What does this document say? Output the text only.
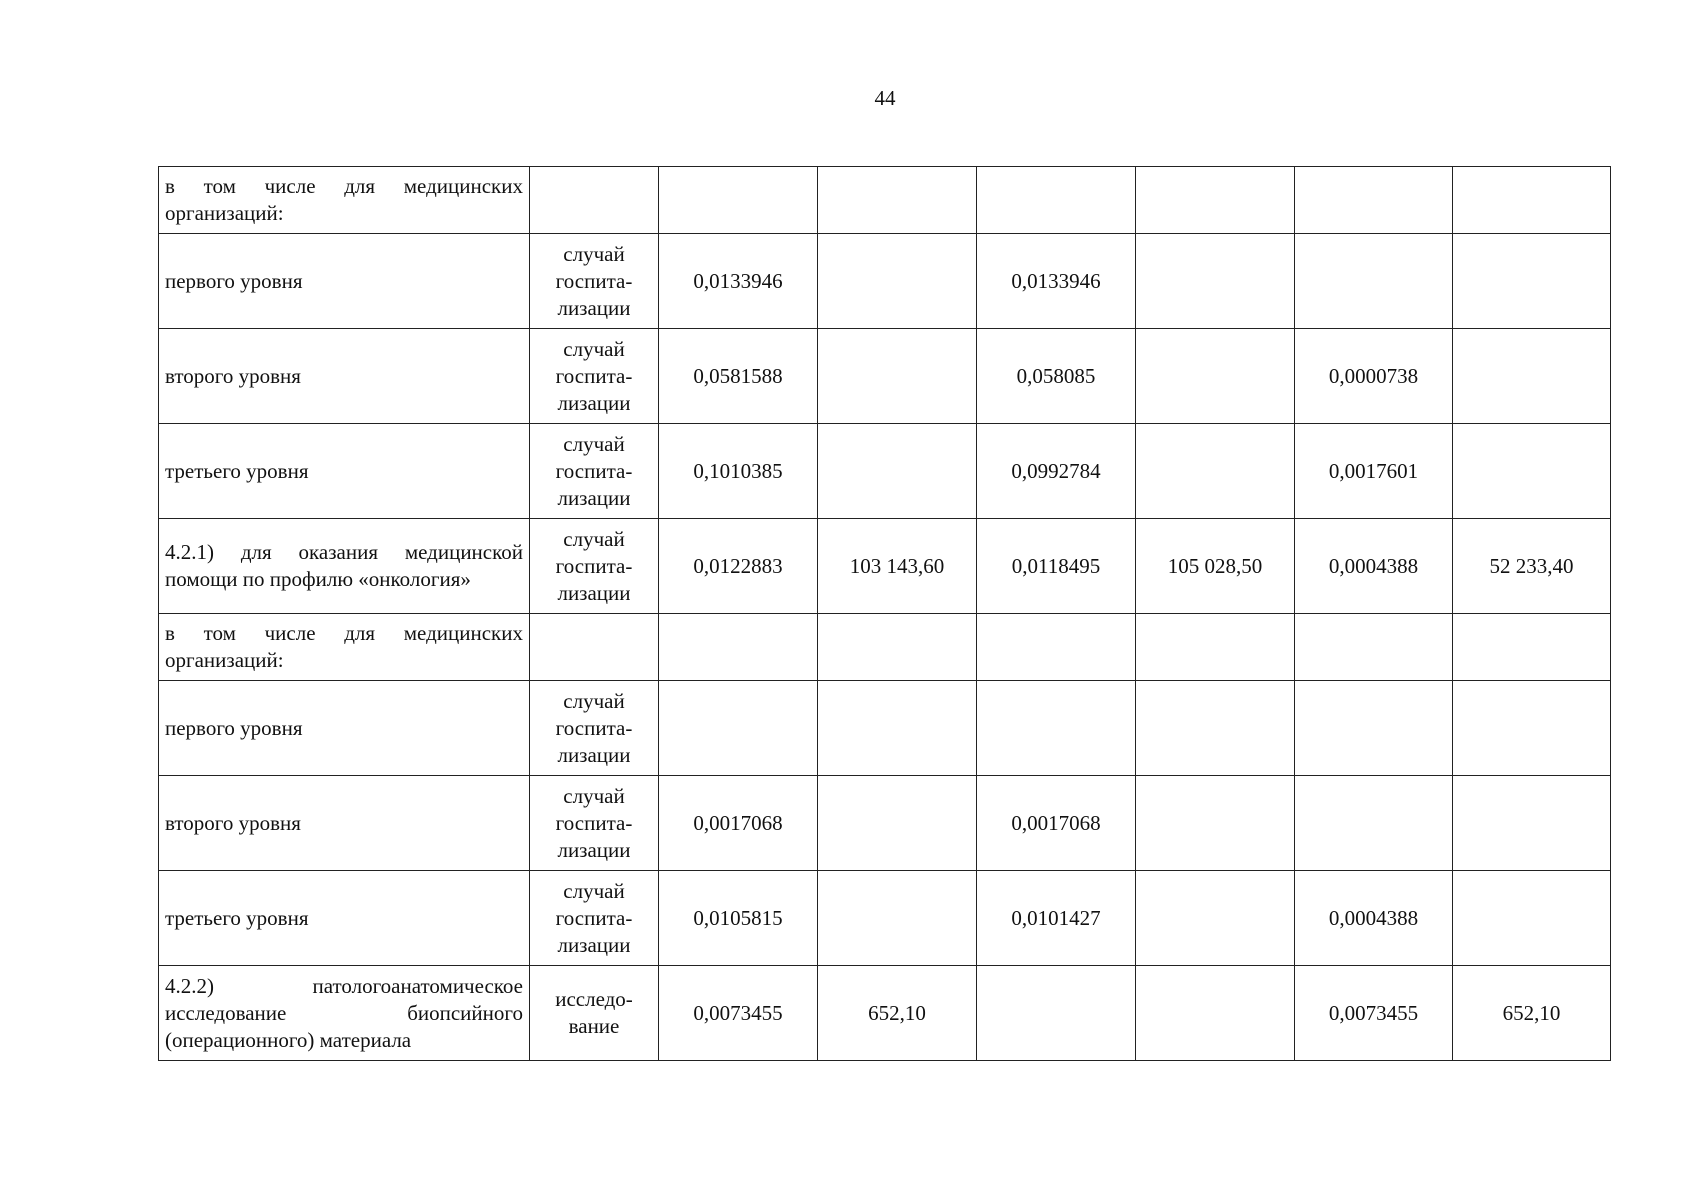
44
в том числе для медицинских организаций:							
первого уровня	случай
госпита-
лизации	0,0133946		0,0133946			
второго уровня	случай
госпита-
лизации	0,0581588		0,058085		0,0000738	
третьего уровня	случай
госпита-
лизации	0,1010385		0,0992784		0,0017601	
4.2.1) для оказания медицинской помощи по профилю «онкология»	случай
госпита-
лизации	0,0122883	103 143,60	0,0118495	105 028,50	0,0004388	52 233,40
в том числе для медицинских организаций:							
первого уровня	случай
госпита-
лизации						

второго уровня	случай
госпита-
лизации	0,0017068		0,0017068			
третьего уровня	случай
госпита-
лизации	0,0105815		0,0101427		0,0004388	
4.2.2) патологоанатомическое исследование биопсийного (операционного) материала	исследо-
вание	0,0073455	652,10			0,0073455	652,10
